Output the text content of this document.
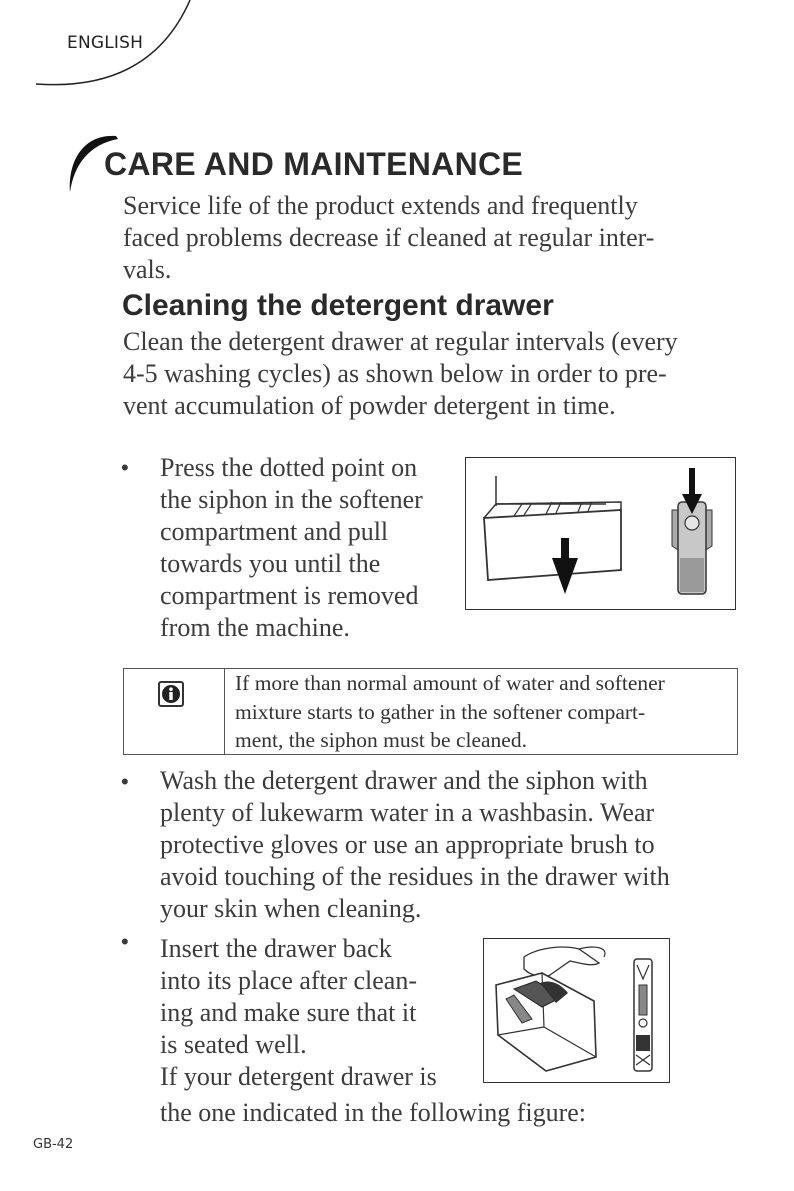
ENGLISH
CARE AND MAINTENANCE

Service life of the product extends and frequently

faced problems decrease if cleaned at regular inter-

vals.

Cleaning the detergent drawer

Clean the detergent drawer at regular intervals (every

4-5 washing cycles) as shown below in order to pre-

vent accumulation of powder detergent in time.

• Press the dotted point on

the siphon in the softener

compartment and pull

towards you until the

compartment is removed

from the machine.

If more than normal amount of water and softener
mixture starts to gather in the softener compart-
ment, the siphon must be cleaned.
• Wash the detergent drawer and the siphon with

plenty of lukewarm water in a washbasin. Wear

protective gloves or use an appropriate brush to

avoid touching of the residues in the drawer with

your skin when cleaning.

• Insert the drawer back

into its place after clean-

ing and make sure that it

is seated well.

If your detergent drawer is

the one indicated in the following figure:

GB-42
